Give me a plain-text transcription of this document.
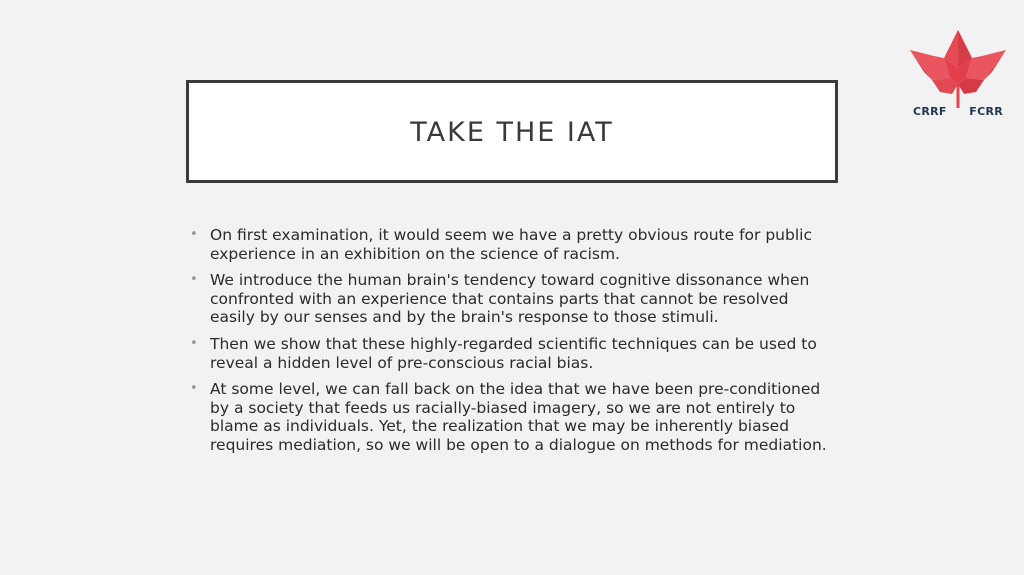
CRRF FCRR
TAKE THE IAT
• On first examination, it would seem we have a pretty obvious route for public experience in an exhibition on the science of racism.
• We introduce the human brain's tendency toward cognitive dissonance when confronted with an experience that contains parts that cannot be resolved easily by our senses and by the brain's response to those stimuli.
• Then we show that these highly-regarded scientific techniques can be used to reveal a hidden level of pre-conscious racial bias.
• At some level, we can fall back on the idea that we have been pre-conditioned by a society that feeds us racially-biased imagery, so we are not entirely to blame as individuals. Yet, the realization that we may be inherently biased requires mediation, so we will be open to a dialogue on methods for mediation.
